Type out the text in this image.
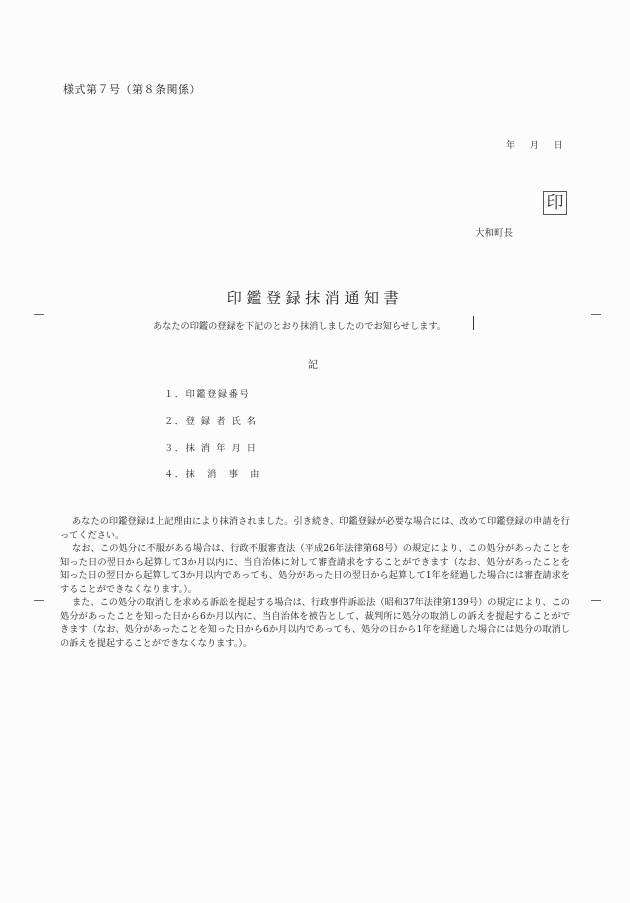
様式第７号（第８条関係）
年 月 日
印
大和町長
印鑑登録抹消通知書
あなたの印鑑の登録を下記のとおり抹消しましたのでお知らせします。
記
１．印鑑登録番号
２．登 録 者 氏 名
３．抹 消 年 月 日
４．抹　消　事　由

あなたの印鑑登録は上記理由により抹消されました。引き続き、印鑑登録が必要な場合には、改めて印鑑登録の申請を行ってください。

なお、この処分に不服がある場合は、行政不服審査法（平成26年法律第68号）の規定により、この処分があったことを知った日の翌日から起算して3か月以内に、当自治体に対して審査請求をすることができます（なお、処分があったことを知った日の翌日から起算して3か月以内であっても、処分があった日の翌日から起算して1年を経過した場合には審査請求をすることができなくなります。）。

また、この処分の取消しを求める訴訟を提起する場合は、行政事件訴訟法（昭和37年法律第139号）の規定により、この処分があったことを知った日から6か月以内に、当自治体を被告として、裁判所に処分の取消しの訴えを提起することができます（なお、処分があったことを知った日から6か月以内であっても、処分の日から1年を経過した場合には処分の取消しの訴えを提起することができなくなります。）。
